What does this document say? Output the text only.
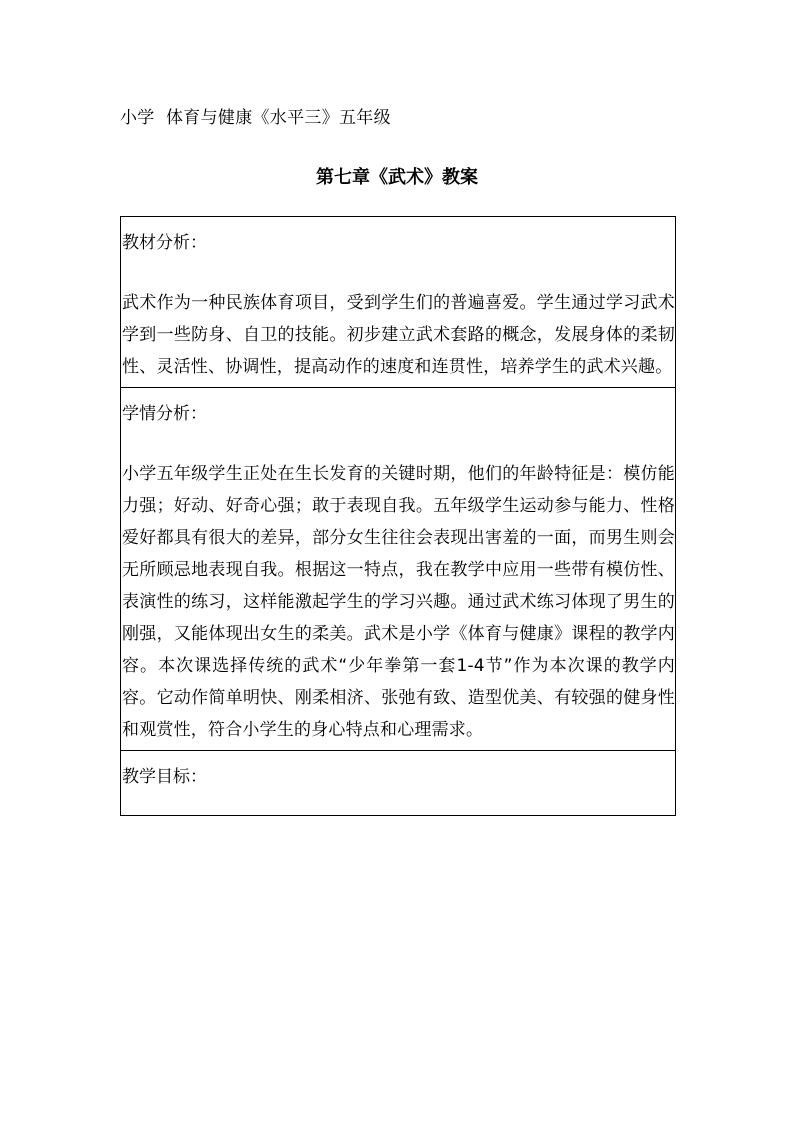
小学  体育与健康《水平三》五年级
第七章《武术》教案
教材分析：
武术作为一种民族体育项目，受到学生们的普遍喜爱。学生通过学习武术学到一些防身、自卫的技能。初步建立武术套路的概念，发展身体的柔韧性、灵活性、协调性，提高动作的速度和连贯性，培养学生的武术兴趣。

学情分析：
小学五年级学生正处在生长发育的关键时期，他们的年龄特征是：模仿能力强；好动、好奇心强；敢于表现自我。五年级学生运动参与能力、性格爱好都具有很大的差异，部分女生往往会表现出害羞的一面，而男生则会无所顾忌地表现自我。根据这一特点，我在教学中应用一些带有模仿性、表演性的练习，这样能激起学生的学习兴趣。通过武术练习体现了男生的刚强，又能体现出女生的柔美。武术是小学《体育与健康》课程的教学内容。本次课选择传统的武术“少年拳第一套1-4节”作为本次课的教学内容。它动作简单明快、刚柔相济、张弛有致、造型优美、有较强的健身性和观赏性，符合小学生的身心特点和心理需求。

教学目标：
